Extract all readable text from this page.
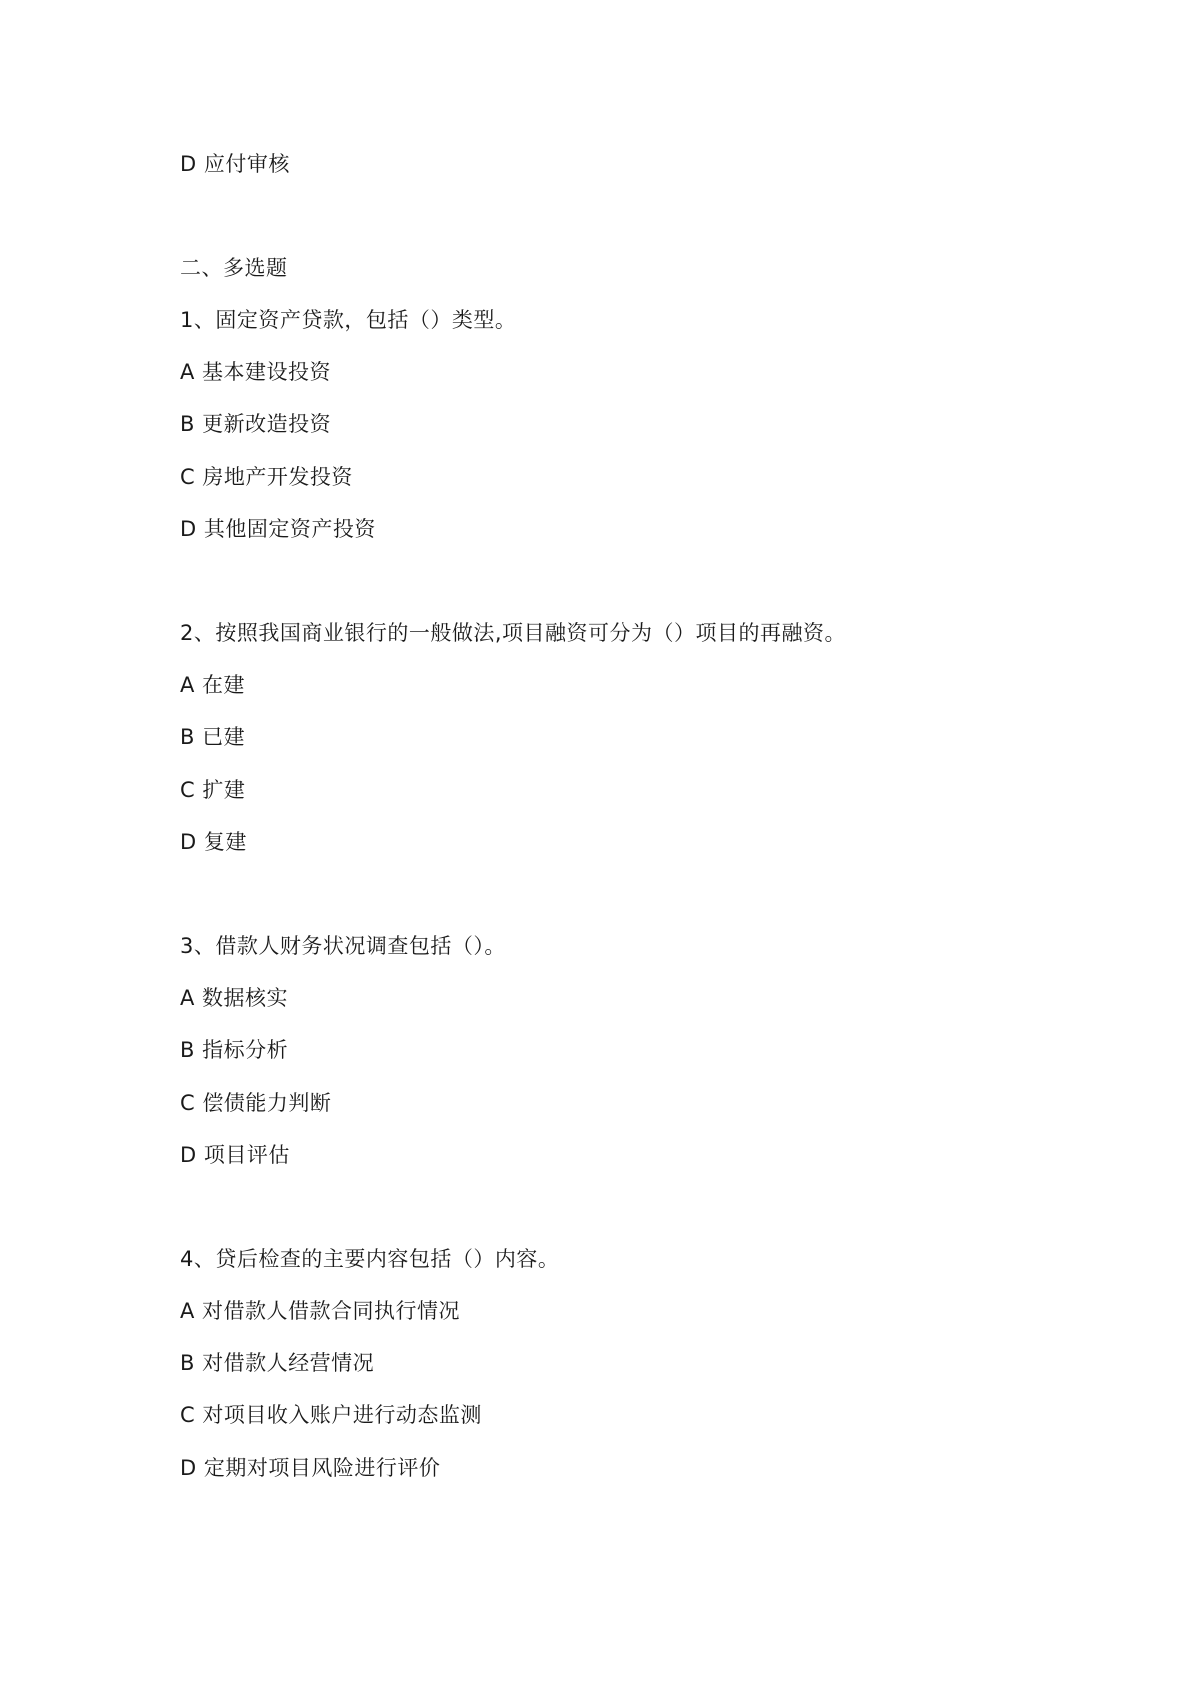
D 应付审核
二、多选题
1、固定资产贷款，包括（）类型。
A 基本建设投资
B 更新改造投资
C 房地产开发投资
D 其他固定资产投资
2、按照我国商业银行的一般做法,项目融资可分为（）项目的再融资。
A 在建
B 已建
C 扩建
D 复建
3、借款人财务状况调查包括（）。
A 数据核实
B 指标分析
C 偿债能力判断
D 项目评估
4、贷后检查的主要内容包括（）内容。
A 对借款人借款合同执行情况
B 对借款人经营情况
C 对项目收入账户进行动态监测
D 定期对项目风险进行评价
